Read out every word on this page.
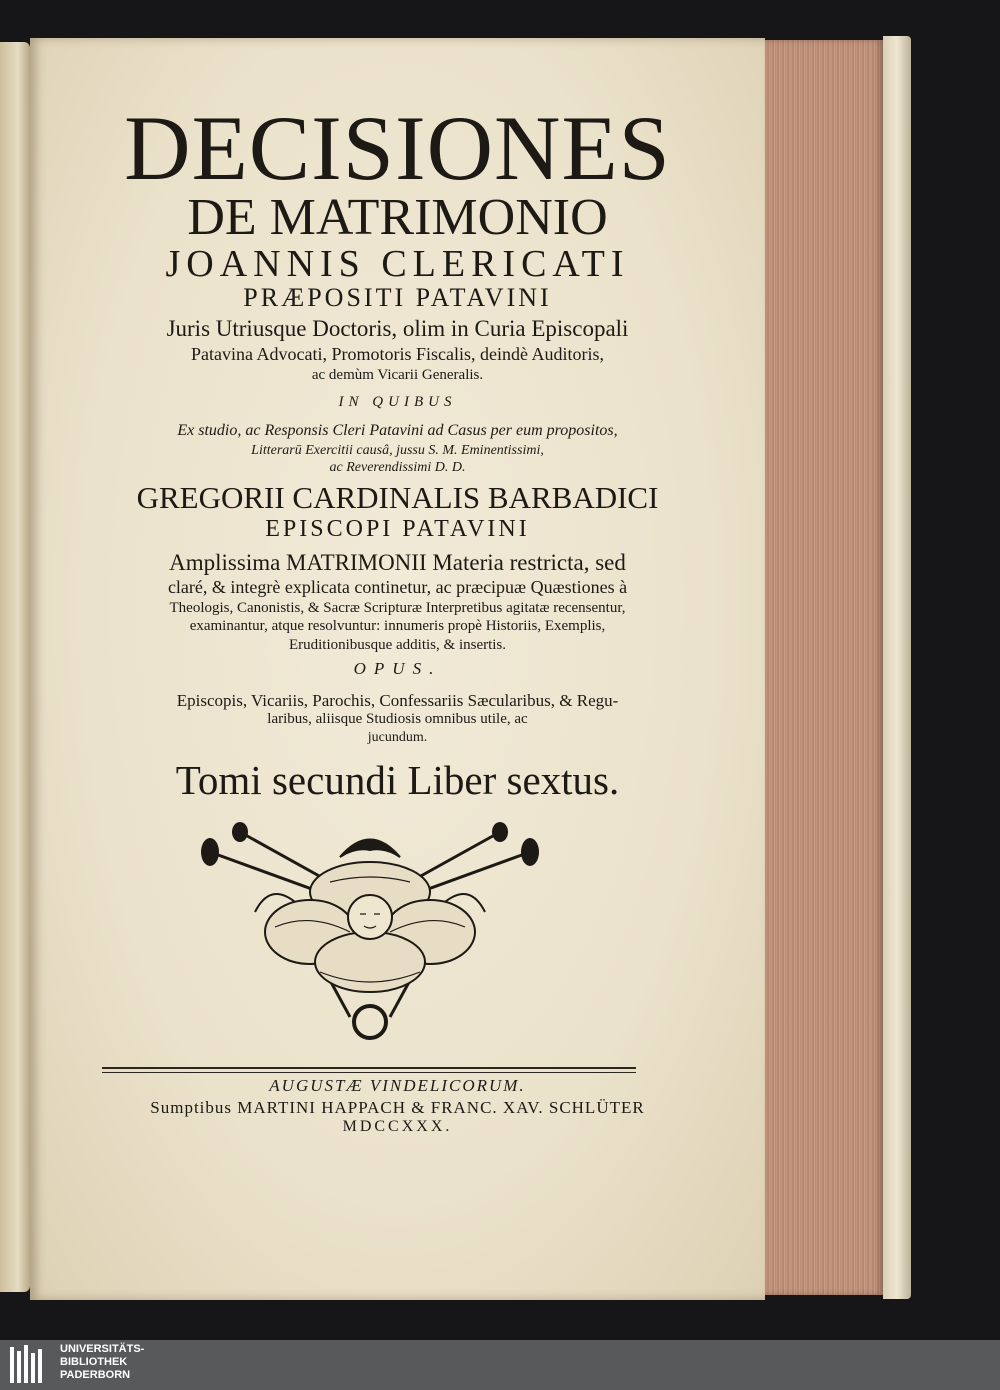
DECISIONES
DE MATRIMONIO
JOANNIS CLERICATI
PRÆPOSITI PATAVINI
Juris Utriusque Doctoris, olim in Curia Episcopali
Patavina Advocati, Promotoris Fiscalis, deindè Auditoris,
ac demùm Vicarii Generalis.
IN QUIBUS
Ex studio, ac Responsis Cleri Patavini ad Casus per eum propositos,
Litterarū Exercitii causâ, jussu S. M. Eminentissimi,
ac Reverendissimi D. D.
GREGORII CARDINALIS BARBADICI
EPISCOPI PATAVINI
Amplissima MATRIMONII Materia restricta, sed
claré, & integrè explicata continetur, ac præcipuæ Quæstiones à
Theologis, Canonistis, & Sacræ Scripturæ Interpretibus agitatæ recensentur,
examinantur, atque resolvuntur: innumeris propè Historiis, Exemplis,
Eruditionibusque additis, & insertis.
OPUS.
Episcopis, Vicariis, Parochis, Confessariis Sæcularibus, & Regu-
laribus, aliisque Studiosis omnibus utile, ac
jucundum.
Tomi secundi Liber sextus.
AUGUSTÆ VINDELICORUM.
Sumptibus MARTINI HAPPACH & FRANC. XAV. SCHLÜTER
MDCCXXX.
UNIVERSITÄTS-
BIBLIOTHEK
PADERBORN
